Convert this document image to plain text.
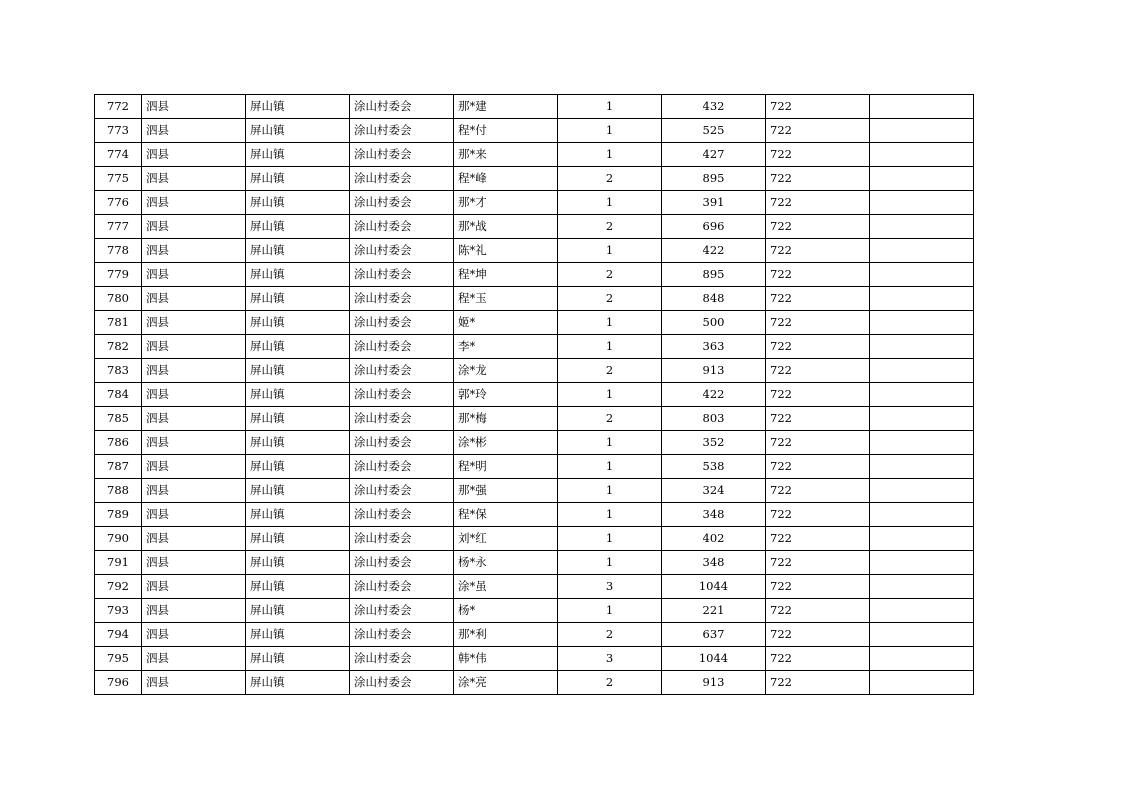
772	泗县	屏山镇	涂山村委会	那*建	1	432	722	
773	泗县	屏山镇	涂山村委会	程*付	1	525	722	
774	泗县	屏山镇	涂山村委会	那*来	1	427	722	
775	泗县	屏山镇	涂山村委会	程*峰	2	895	722	
776	泗县	屏山镇	涂山村委会	那*才	1	391	722	
777	泗县	屏山镇	涂山村委会	那*战	2	696	722	
778	泗县	屏山镇	涂山村委会	陈*礼	1	422	722	
779	泗县	屏山镇	涂山村委会	程*坤	2	895	722	
780	泗县	屏山镇	涂山村委会	程*玉	2	848	722	
781	泗县	屏山镇	涂山村委会	姬*	1	500	722	
782	泗县	屏山镇	涂山村委会	李*	1	363	722	
783	泗县	屏山镇	涂山村委会	涂*龙	2	913	722	
784	泗县	屏山镇	涂山村委会	郭*玲	1	422	722	
785	泗县	屏山镇	涂山村委会	那*梅	2	803	722	
786	泗县	屏山镇	涂山村委会	涂*彬	1	352	722	
787	泗县	屏山镇	涂山村委会	程*明	1	538	722	
788	泗县	屏山镇	涂山村委会	那*强	1	324	722	
789	泗县	屏山镇	涂山村委会	程*保	1	348	722	
790	泗县	屏山镇	涂山村委会	刘*红	1	402	722	
791	泗县	屏山镇	涂山村委会	杨*永	1	348	722	
792	泗县	屏山镇	涂山村委会	涂*虽	3	1044	722	
793	泗县	屏山镇	涂山村委会	杨*	1	221	722	
794	泗县	屏山镇	涂山村委会	那*利	2	637	722	
795	泗县	屏山镇	涂山村委会	韩*伟	3	1044	722	
796	泗县	屏山镇	涂山村委会	涂*亮	2	913	722	
